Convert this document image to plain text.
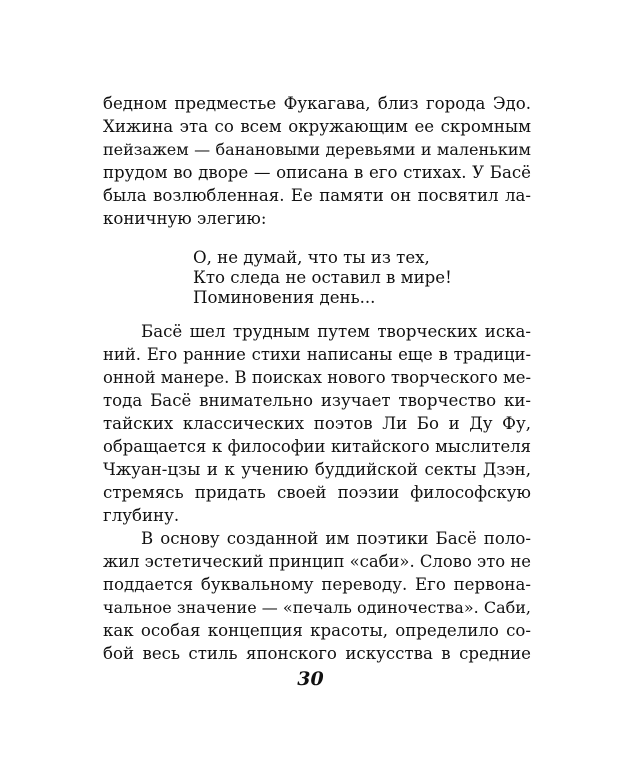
бедном предместье Фукагава, близ города Эдо.
Хижина эта со всем окружающим ее скромным
пейзажем — банановыми деревьями и маленьким
прудом во дворе — описана в его стихах. У Басё
была возлюбленная. Ее памяти он посвятил ла-
коничную элегию:
О, не думай, что ты из тех,
Кто следа не оставил в мире!
Поминовения день...
Басё шел трудным путем творческих иска-
ний. Его ранние стихи написаны еще в традици-
онной манере. В поисках нового творческого ме-
тода Басё внимательно изучает творчество ки-
тайских классических поэтов Ли Бо и Ду Фу,
обращается к философии китайского мыслителя
Чжуан-цзы и к учению буддийской секты Дзэн,
стремясь придать своей поэзии философскую
глубину.
В основу созданной им поэтики Басё поло-
жил эстетический принцип «саби». Слово это не
поддается буквальному переводу. Его первона-
чальное значение — «печаль одиночества». Саби,
как особая концепция красоты, определило со-
бой весь стиль японского искусства в средние
30
